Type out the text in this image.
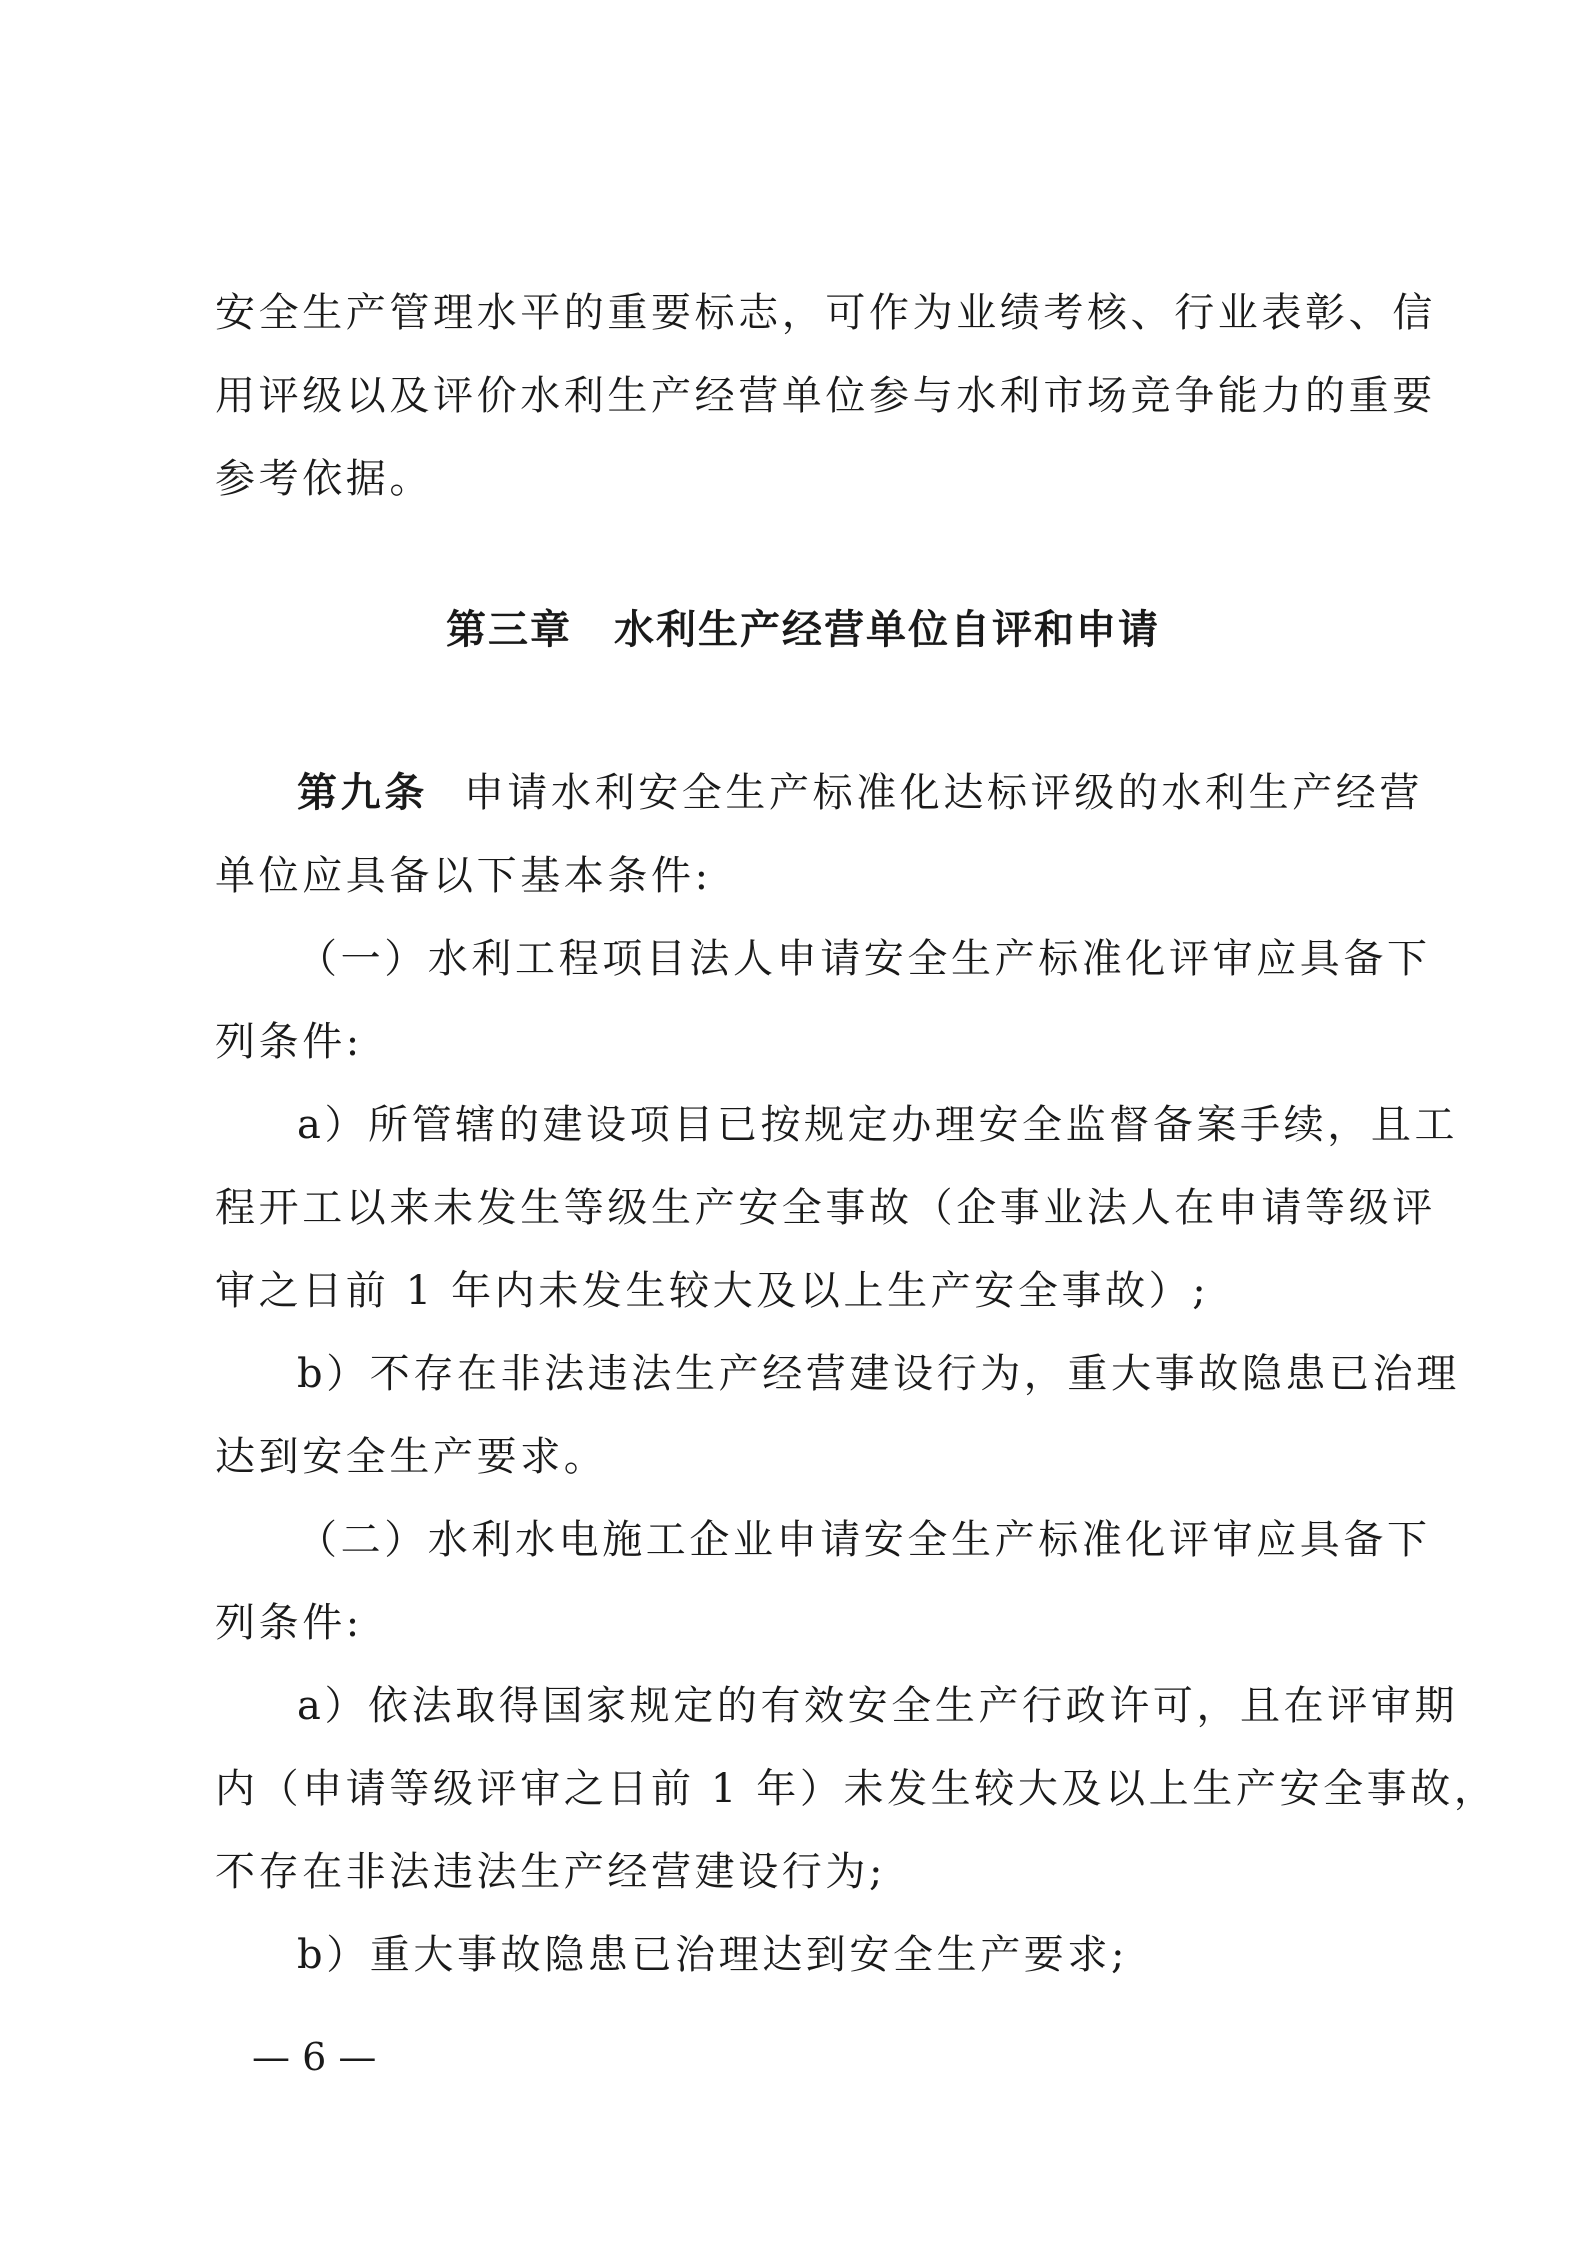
安全生产管理水平的重要标志，可作为业绩考核、行业表彰、信
用评级以及评价水利生产经营单位参与水利市场竞争能力的重要
参考依据。
第三章　水利生产经营单位自评和申请
第九条 申请水利安全生产标准化达标评级的水利生产经营
单位应具备以下基本条件:
（一）水利工程项目法人申请安全生产标准化评审应具备下
列条件:
a）所管辖的建设项目已按规定办理安全监督备案手续，且工
程开工以来未发生等级生产安全事故（企事业法人在申请等级评
审之日前 1 年内未发生较大及以上生产安全事故）;
b）不存在非法违法生产经营建设行为，重大事故隐患已治理
达到安全生产要求。
（二）水利水电施工企业申请安全生产标准化评审应具备下
列条件:
a）依法取得国家规定的有效安全生产行政许可，且在评审期
内（申请等级评审之日前 1 年）未发生较大及以上生产安全事故，
不存在非法违法生产经营建设行为;
b）重大事故隐患已治理达到安全生产要求;
— 6 —
